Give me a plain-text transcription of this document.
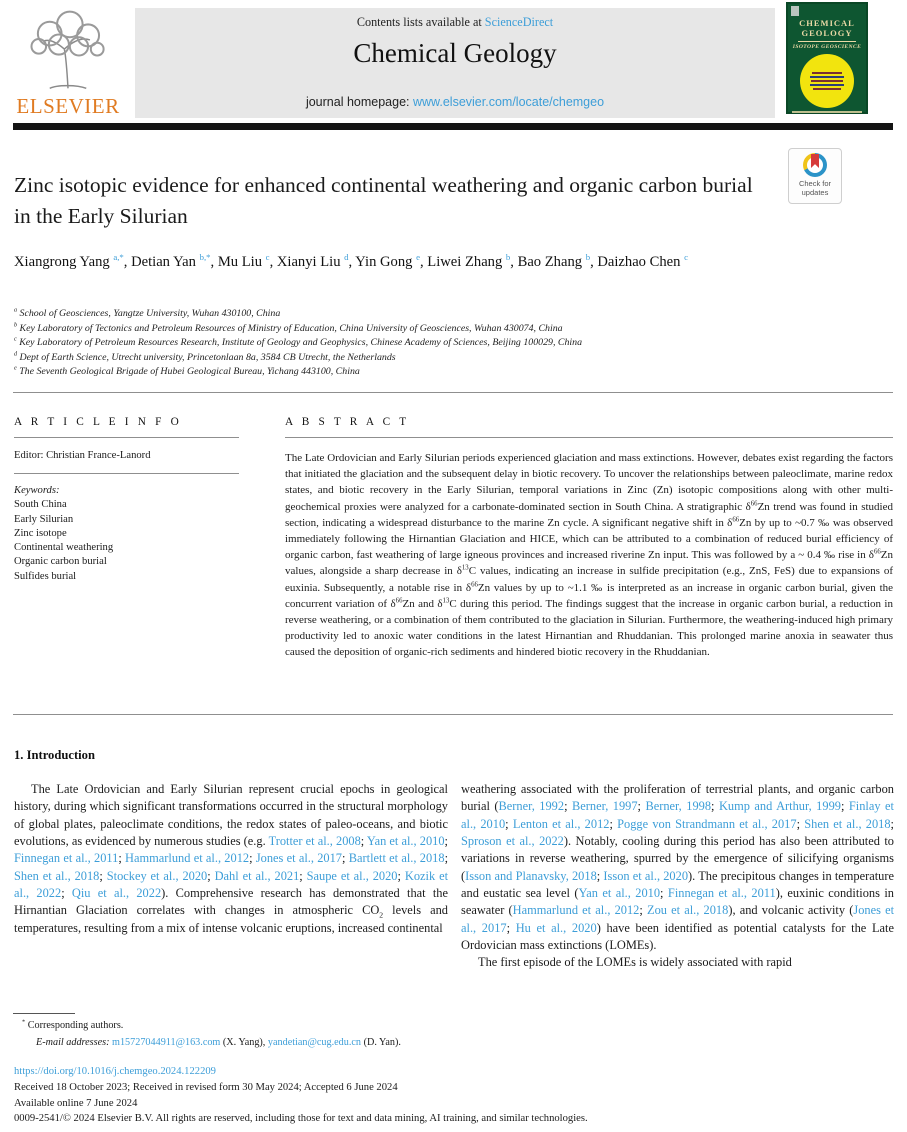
ELSEVIER
Contents lists available at ScienceDirect
Chemical Geology
journal homepage: www.elsevier.com/locate/chemgeo
CHEMICAL
GEOLOGY
ISOTOPE GEOSCIENCE
Check for
updates
Zinc isotopic evidence for enhanced continental weathering and organic carbon burial in the Early Silurian
Xiangrong Yang $^{a,*}$, Detian Yan $^{b,*}$, Mu Liu $^c$, Xianyi Liu $^d$, Yin Gong $^e$, Liwei Zhang $^b$, Bao Zhang $^b$, Daizhao Chen $^c$
$^a$ School of Geosciences, Yangtze University, Wuhan 430100, China
$^b$ Key Laboratory of Tectonics and Petroleum Resources of Ministry of Education, China University of Geosciences, Wuhan 430074, China
$^c$ Key Laboratory of Petroleum Resources Research, Institute of Geology and Geophysics, Chinese Academy of Sciences, Beijing 100029, China
$^d$ Dept of Earth Science, Utrecht university, Princetonlaan 8a, 3584 CB Utrecht, the Netherlands
$^e$ The Seventh Geological Brigade of Hubei Geological Bureau, Yichang 443100, China
A R T I C L E I N F O
Editor: Christian France-Lanord
Keywords:
South China
Early Silurian
Zinc isotope
Continental weathering
Organic carbon burial
Sulfides burial
A B S T R A C T
The Late Ordovician and Early Silurian periods experienced glaciation and mass extinctions. However, debates exist regarding the factors that initiated the glaciation and the subsequent delay in biotic recovery. To uncover the relationships between paleoclimate, marine redox states, and biotic recovery in the Early Silurian, temporal variations in Zinc (Zn) isotopic compositions along with other multi-geochemical proxies were analyzed for a carbonate-dominated section in South China. A stratigraphic $\delta^{66}Zn$ trend was found in studied section, indicating a widespread disturbance to the marine Zn cycle. A significant negative shift in $\delta^{66}Zn$ by up to ~0.7 ‰ was observed immediately following the Hirnantian Glaciation and HICE, which can be attributed to a combination of reduced burial efficiency of organic carbon, fast weathering of large igneous provinces and increased riverine Zn input. This was followed by a ~ 0.4 ‰ rise in $\delta^{66}Zn$ values, alongside a sharp decrease in $\delta^{13}C$ values, indicating an increase in sulfide precipitation (e.g., ZnS, FeS) due to expansions of euxinia. Subsequently, a notable rise in $\delta^{66}Zn$ values by up to ~1.1 ‰ is interpreted as an increase in organic carbon burial, given the concurrent variation of $\delta^{66}Zn$ and $\delta^{13}C$ during this period. The findings suggest that the increase in organic carbon burial, a reduction in reverse weathering, or a combination of them contributed to the glaciation in Silurian. Furthermore, the weathering-induced high primary productivity led to anoxic water conditions in the latest Hirnantian and Rhuddanian. This prolonged marine anoxia in seawater thus caused the deposition of organic-rich sediments and hindered biotic recovery in the Rhuddanian.
1. Introduction

The Late Ordovician and Early Silurian represent crucial epochs in geological history, during which significant transformations occurred in the structural morphology of global plates, paleoclimate conditions, the redox states of paleo-oceans, and biotic evolutions, as evidenced by numerous studies (e.g. Trotter et al., 2008; Yan et al., 2010; Finnegan et al., 2011; Hammarlund et al., 2012; Jones et al., 2017; Bartlett et al., 2018; Shen et al., 2018; Stockey et al., 2020; Dahl et al., 2021; Saupe et al., 2020; Kozik et al., 2022; Qiu et al., 2022). Comprehensive research has demonstrated that the Hirnantian Glaciation correlates with changes in atmospheric $CO_2$ levels and temperatures, resulting from a mix of intense volcanic eruptions, increased continental

weathering associated with the proliferation of terrestrial plants, and organic carbon burial (Berner, 1992; Berner, 1997; Berner, 1998; Kump and Arthur, 1999; Finlay et al., 2010; Lenton et al., 2012; Pogge von Strandmann et al., 2017; Shen et al., 2018; Sproson et al., 2022). Notably, cooling during this period has also been attributed to variations in reverse weathering, spurred by the emergence of silicifying organisms (Isson and Planavsky, 2018; Isson et al., 2020). The precipitous changes in temperature and eustatic sea level (Yan et al., 2010; Finnegan et al., 2011), euxinic conditions in seawater (Hammarlund et al., 2012; Zou et al., 2018), and volcanic activity (Jones et al., 2017; Hu et al., 2020) have been identified as potential catalysts for the Late Ordovician mass extinctions (LOMEs).

The first episode of the LOMEs is widely associated with rapid

* Corresponding authors.
E-mail addresses: m15727044911@163.com (X. Yang), yandetian@cug.edu.cn (D. Yan).
https://doi.org/10.1016/j.chemgeo.2024.122209
Received 18 October 2023; Received in revised form 30 May 2024; Accepted 6 June 2024
Available online 7 June 2024
0009-2541/© 2024 Elsevier B.V. All rights are reserved, including those for text and data mining, AI training, and similar technologies.
